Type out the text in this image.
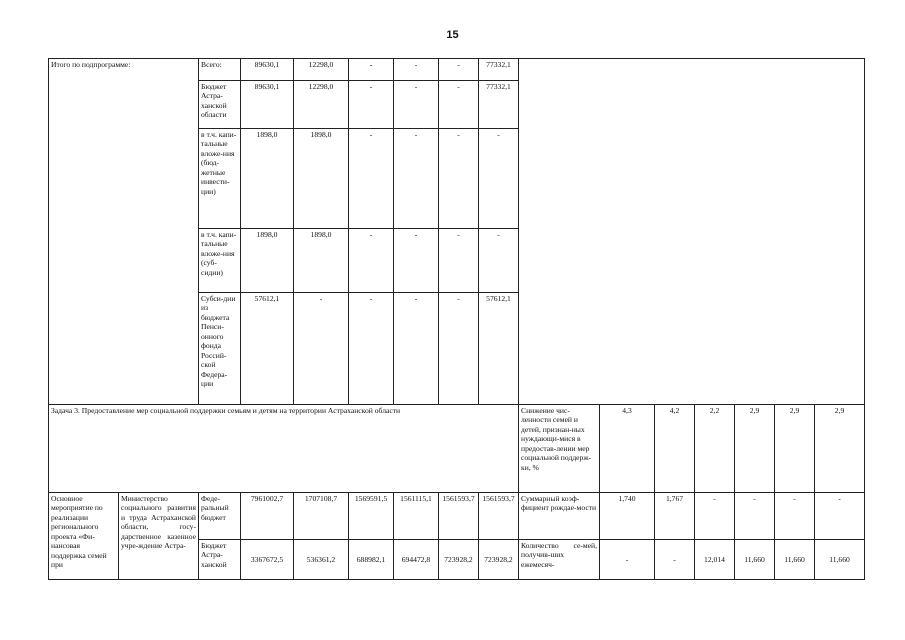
15
Итого по подпрограмме:		Всего:	89630,1	12298,0	-	-	-	77332,1							
		Бюджет Астра-ханской области	89630,1	12298,0	-	-	-	77332,1							
		в т.ч. капи-тальные вложе-ния (бюд-жетные инвести-ции)	1898,0	1898,0	-	-	-	-							
		в т.ч. капи-тальные вложе-ния (суб-сидии)	1898,0	1898,0	-	-	-	-							
		Субси-дии из бюджета Пенси-онного фонда Россий-ской Федера-ции	57612,1	-	-	-	-	57612,1							
Задача 3. Предоставление мер социальной поддержки семьям и детям на территории Астраханской области									Снижение чис-ленности семей и детей, признан-ных нуждающи-мися в предостав-лении мер социальной поддерж-ки, %	4,3	4,2	2,2	2,9	2,9	2,9
Основное мероприятие по реализации регионального проекта «Фи-нансовая поддержка семей при	Министерство социального развития и труда Астраханской области, госу-дарственное казенное учре-ждение Астра-	Феде-ральный бюджет	7961002,7	1707108,7	1569591,5	1561115,1	1561593,7	1561593,7	Суммарный коэф-фициент рождае-мости	1,740	1,767	-	-	-	-
		Бюджет Астра-ханской	3367672,5	536361,2	688982,1	694472,8	723928,2	723928,2	Количество се-мей, получив-ших ежемесяч-	-	-	12,014	11,660	11,660	11,660
